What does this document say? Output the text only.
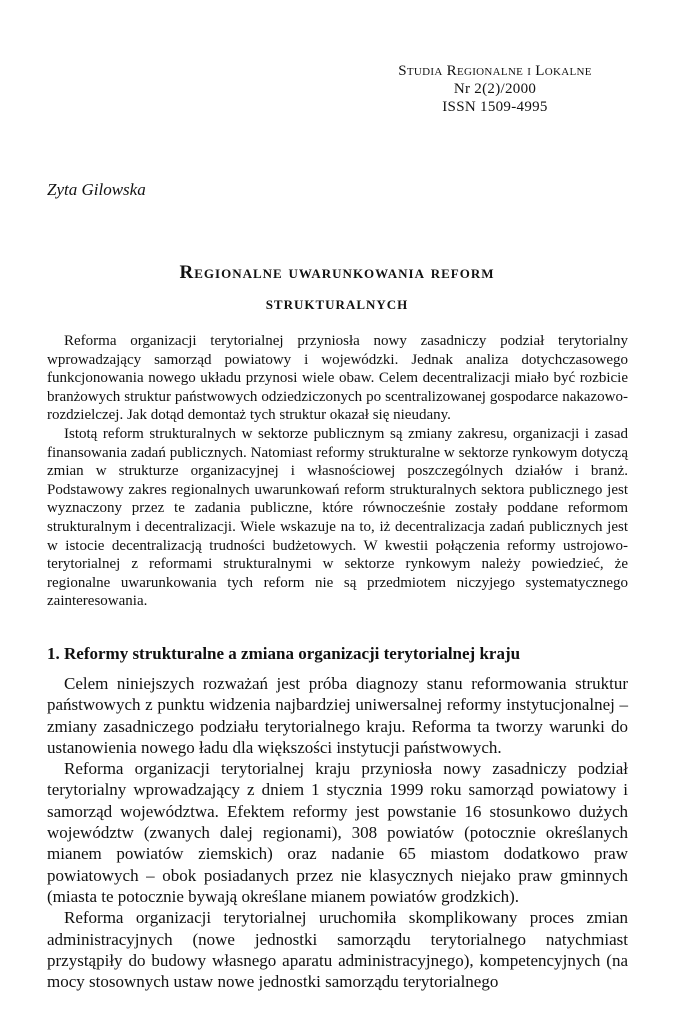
Studia Regionalne i Lokalne
Nr 2(2)/2000
ISSN 1509-4995
Zyta Gilowska
Regionalne uwarunkowania reform
strukturalnych

Reforma organizacji terytorialnej przyniosła nowy zasadniczy podział terytorialny wprowadzający samorząd powiatowy i wojewódzki. Jednak analiza dotychczasowego funkcjonowania nowego układu przynosi wiele obaw. Celem decentralizacji miało być rozbicie branżowych struktur państwowych odziedziczonych po scentralizowanej gospodarce nakazowo-rozdzielczej. Jak dotąd demontaż tych struktur okazał się nieudany.

Istotą reform strukturalnych w sektorze publicznym są zmiany zakresu, organizacji i zasad finansowania zadań publicznych. Natomiast reformy strukturalne w sektorze rynkowym dotyczą zmian w strukturze organizacyjnej i własnościowej poszczególnych działów i branż. Podstawowy zakres regionalnych uwarunkowań reform strukturalnych sektora publicznego jest wyznaczony przez te zadania publiczne, które równocześnie zostały poddane reformom strukturalnym i decentralizacji. Wiele wskazuje na to, iż decentralizacja zadań publicznych jest w istocie decentralizacją trudności budżetowych. W kwestii połączenia reformy ustrojowo-terytorialnej z reformami strukturalnymi w sektorze rynkowym należy powiedzieć, że regionalne uwarunkowania tych reform nie są przedmiotem niczyjego systematycznego zainteresowania.

1. Reformy strukturalne a zmiana organizacji terytorialnej kraju

Celem niniejszych rozważań jest próba diagnozy stanu reformowania struktur państwowych z punktu widzenia najbardziej uniwersalnej reformy instytucjonalnej – zmiany zasadniczego podziału terytorialnego kraju. Reforma ta tworzy warunki do ustanowienia nowego ładu dla większości instytucji państwowych.

Reforma organizacji terytorialnej kraju przyniosła nowy zasadniczy podział terytorialny wprowadzający z dniem 1 stycznia 1999 roku samorząd powiatowy i samorząd województwa. Efektem reformy jest powstanie 16 stosunkowo dużych województw (zwanych dalej regionami), 308 powiatów (potocznie określanych mianem powiatów ziemskich) oraz nadanie 65 miastom dodatkowo praw powiatowych – obok posiadanych przez nie klasycznych niejako praw gminnych (miasta te potocznie bywają określane mianem powiatów grodzkich).

Reforma organizacji terytorialnej uruchomiła skomplikowany proces zmian administracyjnych (nowe jednostki samorządu terytorialnego natychmiast przystąpiły do budowy własnego aparatu administracyjnego), kompetencyjnych (na mocy stosownych ustaw nowe jednostki samorządu terytorialnego
